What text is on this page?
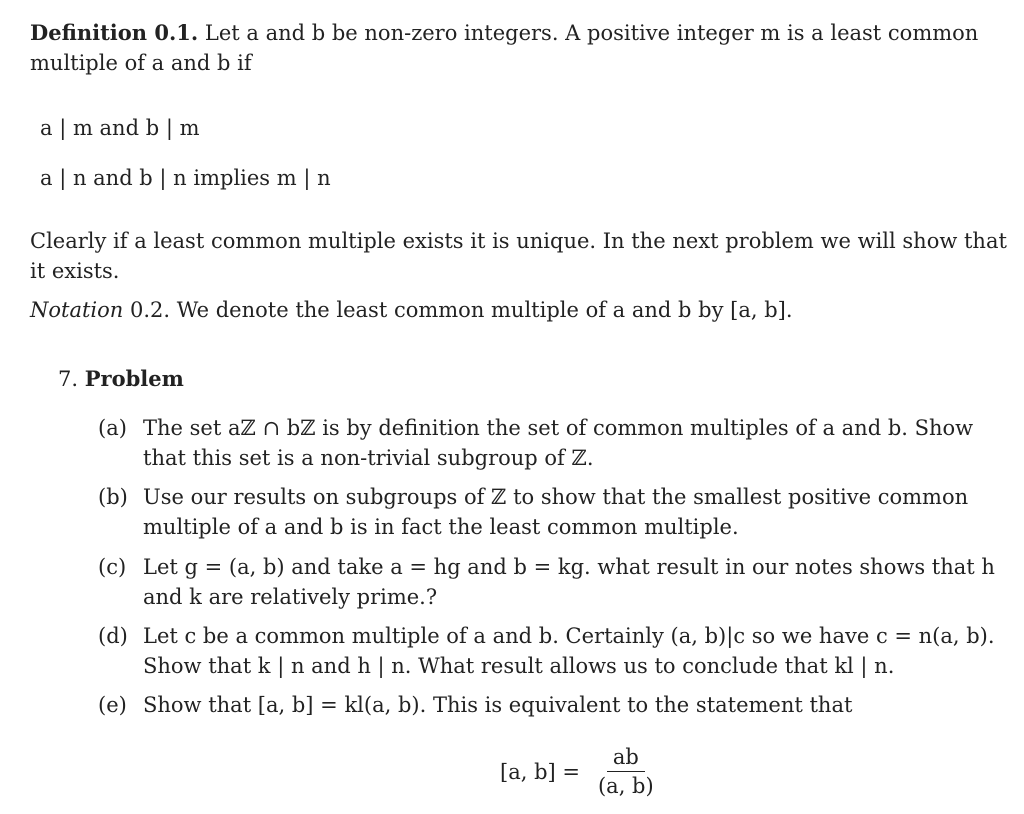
Definition 0.1. Let a and b be non-zero integers. A positive integer m is a least common
multiple of a and b if
a | m and b | m
a | n and b | n implies m | n
Clearly if a least common multiple exists it is unique. In the next problem we will show that
it exists.
Notation 0.2. We denote the least common multiple of a and b by [a, b].
7. Problem
(a) The set aℤ ∩ bℤ is by definition the set of common multiples of a and b. Show
that this set is a non-trivial subgroup of ℤ.
(b) Use our results on subgroups of ℤ to show that the smallest positive common
multiple of a and b is in fact the least common multiple.
(c) Let g = (a, b) and take a = hg and b = kg. what result in our notes shows that h
and k are relatively prime.?
(d) Let c be a common multiple of a and b. Certainly (a, b)|c so we have c = n(a, b).
Show that k | n and h | n. What result allows us to conclude that kl | n.
(e) Show that [a, b] = kl(a, b). This is equivalent to the statement that
[a, $b] = \frac{ab}{(a, b)}$
